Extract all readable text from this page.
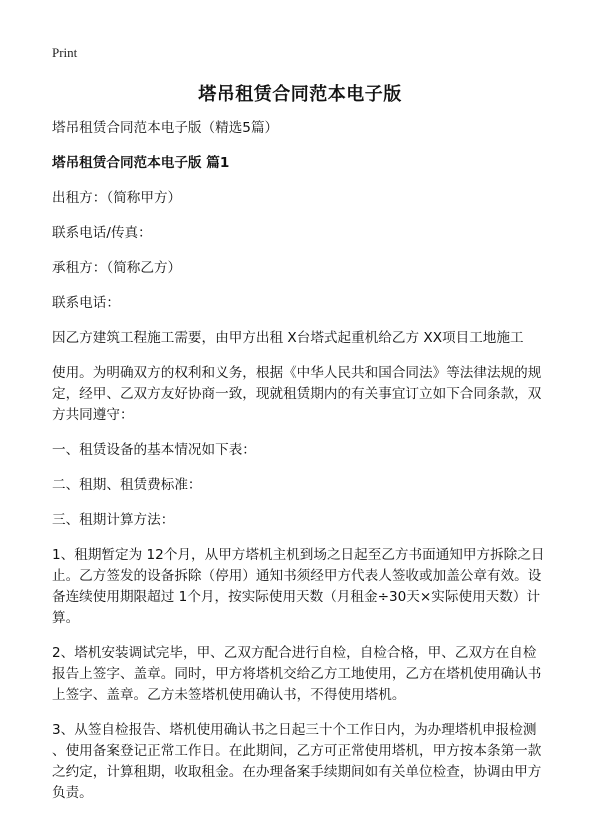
Print
塔吊租赁合同范本电子版

塔吊租赁合同范本电子版（精选5篇）

塔吊租赁合同范本电子版 篇1

出租方：（简称甲方）

联系电话/传真：

承租方：（简称乙方）

联系电话：

因乙方建筑工程施工需要，由甲方出租 X台塔式起重机给乙方 XX项目工地施工

使用。为明确双方的权利和义务，根据《中华人民共和国合同法》等法律法规的规
定，经甲、乙双方友好协商一致，现就租赁期内的有关事宜订立如下合同条款，双
方共同遵守：

一、租赁设备的基本情况如下表：

二、租期、租赁费标准：

三、租期计算方法：

1、租期暂定为 12个月，从甲方塔机主机到场之日起至乙方书面通知甲方拆除之日
止。乙方签发的设备拆除（停用）通知书须经甲方代表人签收或加盖公章有效。设
备连续使用期限超过 1个月，按实际使用天数（月租金÷30天×实际使用天数）计
算。

2、塔机安装调试完毕，甲、乙双方配合进行自检，自检合格，甲、乙双方在自检
报告上签字、盖章。同时，甲方将塔机交给乙方工地使用，乙方在塔机使用确认书
上签字、盖章。乙方未签塔机使用确认书，不得使用塔机。

3、从签自检报告、塔机使用确认书之日起三十个工作日内，为办理塔机申报检测
、使用备案登记正常工作日。在此期间，乙方可正常使用塔机，甲方按本条第一款
之约定，计算租期，收取租金。在办理备案手续期间如有关单位检查，协调由甲方
负责。
